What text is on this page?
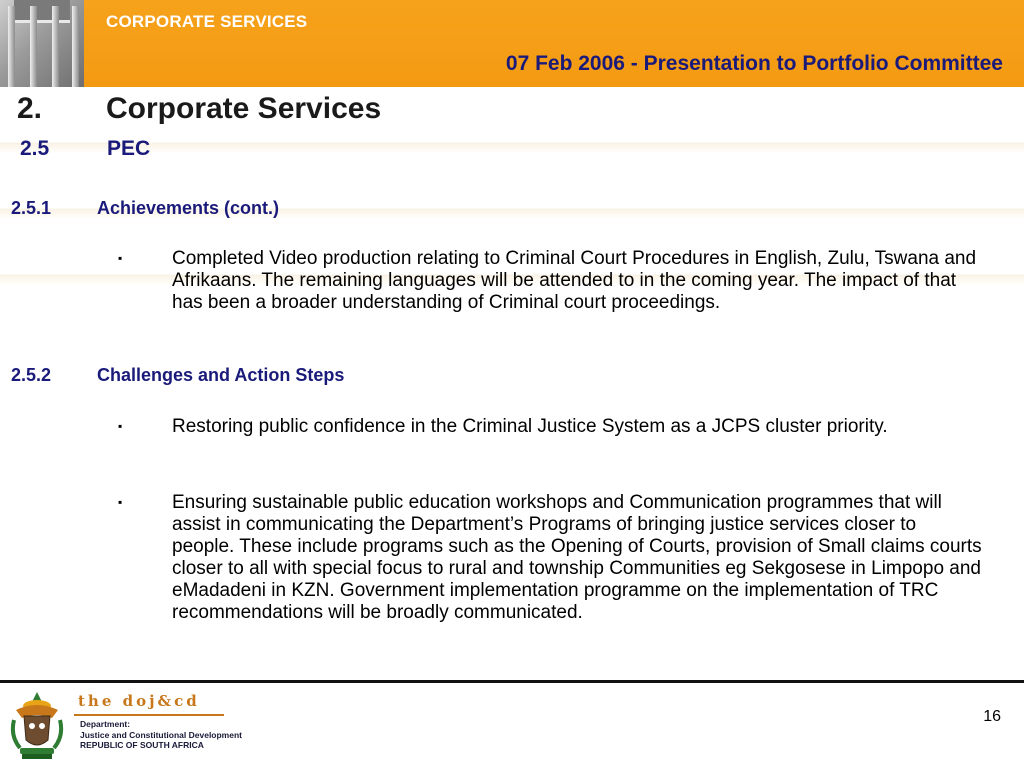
CORPORATE SERVICES
07 Feb 2006 - Presentation to Portfolio Committee
2. Corporate Services
2.5	PEC
2.5.1	Achievements (cont.)
▪	Completed Video production relating to Criminal Court Procedures in English, Zulu, Tswana and Afrikaans. The remaining languages will be attended to in the coming year. The impact of that has been a broader understanding of Criminal court proceedings.
2.5.2	Challenges and Action Steps
▪	Restoring public confidence in the Criminal Justice System as a JCPS cluster priority.
▪	Ensuring sustainable public education workshops and Communication programmes that will assist in communicating the Department’s Programs of bringing justice services closer to people. These include programs such as the Opening of Courts, provision of Small claims courts closer to all with special focus to rural and township Communities eg Sekgosese in Limpopo and eMadadeni in KZN. Government implementation programme on the implementation of TRC recommendations will be broadly communicated.
the doj&cd
Department:
Justice and Constitutional Development
REPUBLIC OF SOUTH AFRICA
16
